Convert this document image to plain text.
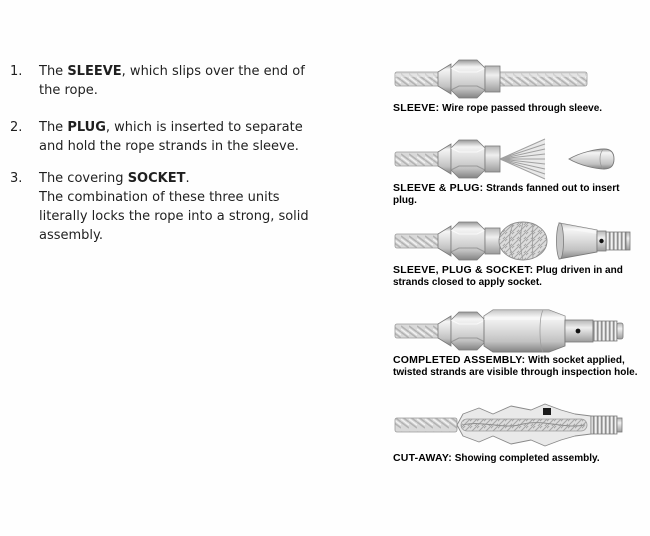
1.	The SLEEVE, which slips over the end of the rope.
2.	The PLUG, which is inserted to separate and hold the rope strands in the sleeve.
3.	The covering SOCKET.
The combination of these three units literally locks the rope into a strong, solid assembly.
SLEEVE: Wire rope passed through sleeve.
SLEEVE & PLUG: Strands fanned out to insert plug.
SLEEVE, PLUG & SOCKET: Plug driven in and strands closed to apply socket.
COMPLETED ASSEMBLY: With socket applied, twisted strands are visible through inspection hole.
CUT-AWAY: Showing completed assembly.
